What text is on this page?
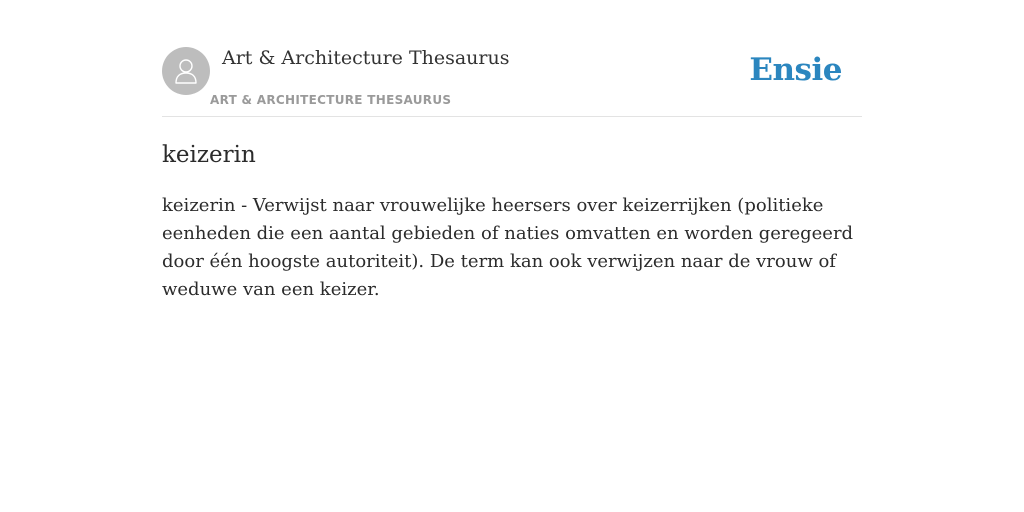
Art & Architecture Thesaurus
ART & ARCHITECTURE THESAURUS
Ensie
keizerin

keizerin - Verwijst naar vrouwelijke heersers over keizerrijken (politieke eenheden die een aantal gebieden of naties omvatten en worden geregeerd door één hoogste autoriteit). De term kan ook verwijzen naar de vrouw of weduwe van een keizer.
